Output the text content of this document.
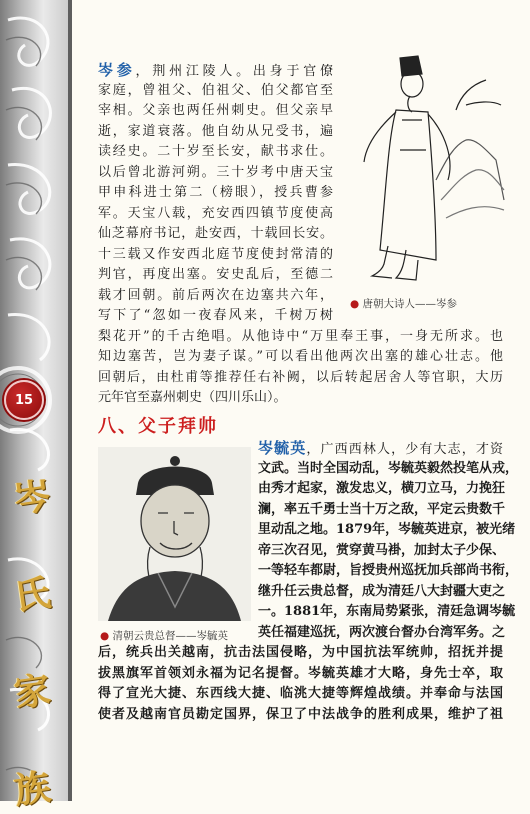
岑
氏
家
族
15
● 唐朝大诗人——岑参
岑参，荆州江陵人。出身于官僚
家庭，曾祖父、伯祖父、伯父都官至
宰相。父亲也两任州刺史。但父亲早
逝，家道衰落。他自幼从兄受书，遍
读经史。二十岁至长安，献书求仕。
以后曾北游河朔。三十岁考中唐天宝
甲申科进士第二（榜眼），授兵曹参
军。天宝八载，充安西四镇节度使高
仙芝幕府书记，赴安西，十载回长安。
十三载又作安西北庭节度使封常清的
判官，再度出塞。安史乱后，至德二
载才回朝。前后两次在边塞共六年，
写下了“忽如一夜春风来，千树万树
梨花开”的千古绝唱。从他诗中“万里奉王事，一身无所求。也
知边塞苦，岂为妻子谋。”可以看出他两次出塞的雄心壮志。他
回朝后，由杜甫等推荐任右补阙，以后转起居舍人等官职，大历
元年官至嘉州刺史（四川乐山）。
八、父子拜帅
● 清朝云贵总督——岑毓英
岑毓英，广西西林人，少有大志，才资
文武。当时全国动乱，岑毓英毅然投笔从戎，
由秀才起家，激发忠义，横刀立马，力挽狂
澜，率五千勇士当十万之敌，平定云贵数千
里动乱之地。1879年，岑毓英进京，被光绪
帝三次召见，赏穿黄马褂，加封太子少保、
一等轻车都尉，旨授贵州巡抚加兵部尚书衔，
继升任云贵总督，成为清廷八大封疆大吏之
一。1881年，东南局势紧张，清廷急调岑毓
英任福建巡抚，两次渡台督办台湾军务。之
后，统兵出关越南，抗击法国侵略，为中国抗法军统帅，招抚并提
拔黑旗军首领刘永福为记名提督。岑毓英雄才大略，身先士卒，取
得了宣光大捷、东西线大捷、临洮大捷等辉煌战绩。并奉命与法国
使者及越南官员勘定国界，保卫了中法战争的胜利成果，维护了祖
